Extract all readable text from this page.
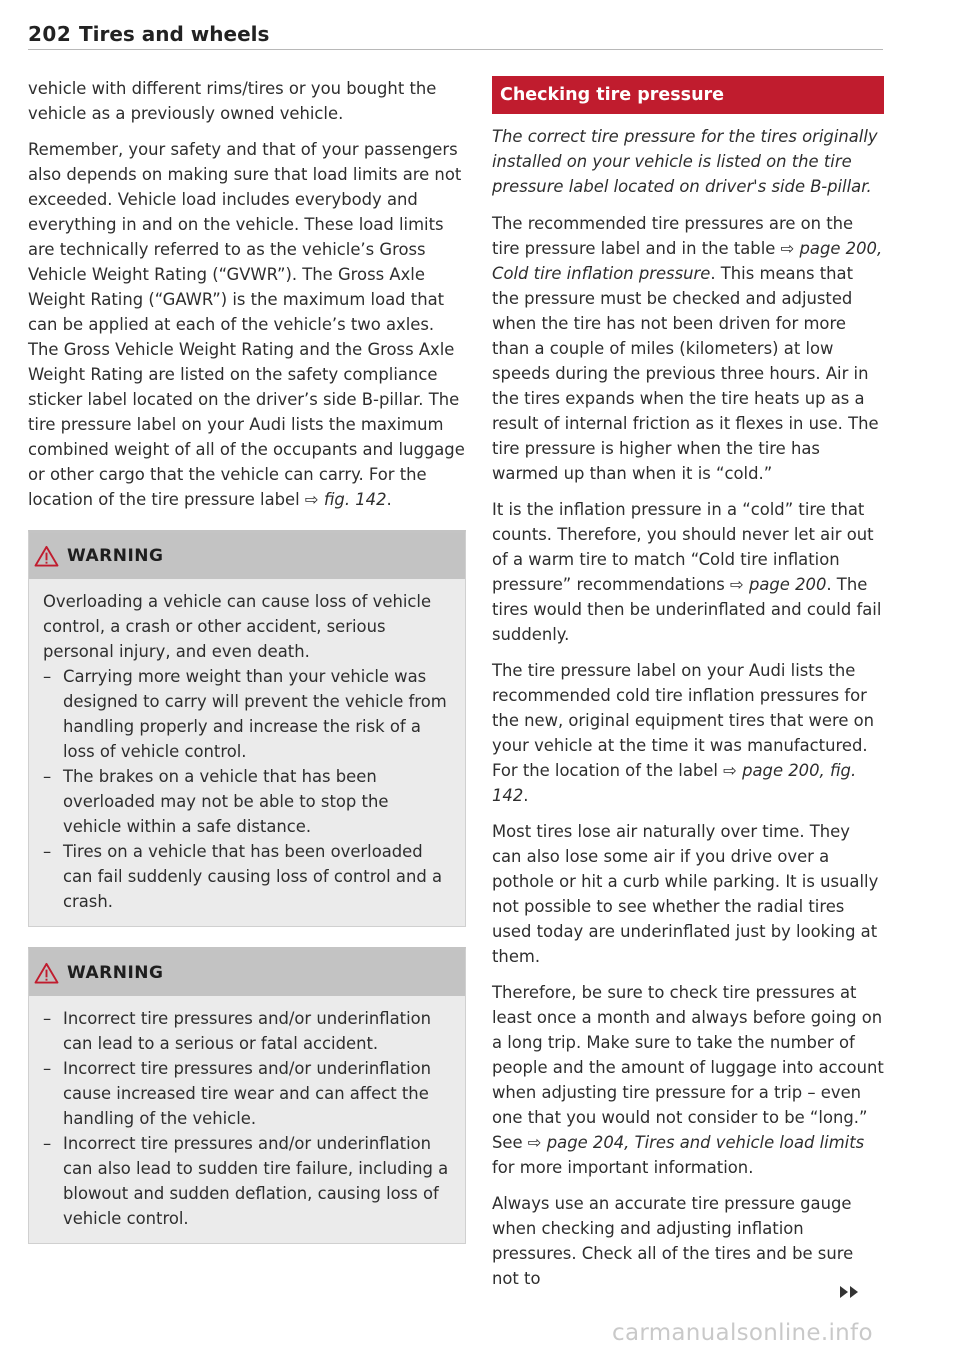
202 Tires and wheels

vehicle with different rims/tires or you bought the vehicle as a previously owned vehicle.

Remember, your safety and that of your passengers also depends on making sure that load limits are not exceeded. Vehicle load includes everybody and everything in and on the vehicle. These load limits are technically referred to as the vehicle’s Gross Vehicle Weight Rating (“GVWR”). The Gross Axle Weight Rating (“GAWR”) is the maximum load that can be applied at each of the vehicle’s two axles. The Gross Vehicle Weight Rating and the Gross Axle Weight Rating are listed on the safety compliance sticker label located on the driver’s side B-pillar. The tire pressure label on your Audi lists the maximum combined weight of all of the occupants and luggage or other cargo that the vehicle can carry. For the location of the tire pressure label ⇨ fig. 142.

WARNING

Overloading a vehicle can cause loss of vehicle control, a crash or other accident, serious personal injury, and even death.

– Carrying more weight than your vehicle was designed to carry will prevent the vehicle from handling properly and increase the risk of a loss of vehicle control.
– The brakes on a vehicle that has been overloaded may not be able to stop the vehicle within a safe distance.
– Tires on a vehicle that has been overloaded can fail suddenly causing loss of control and a crash.
WARNING
– Incorrect tire pressures and/or underinflation can lead to a serious or fatal accident.
– Incorrect tire pressures and/or underinflation cause increased tire wear and can affect the handling of the vehicle.
– Incorrect tire pressures and/or underinflation can also lead to sudden tire failure, including a blowout and sudden deflation, causing loss of vehicle control.
Checking tire pressure

The correct tire pressure for the tires originally installed on your vehicle is listed on the tire pressure label located on driver's side B-pillar.

The recommended tire pressures are on the tire pressure label and in the table ⇨ page 200, Cold tire inflation pressure. This means that the pressure must be checked and adjusted when the tire has not been driven for more than a couple of miles (kilometers) at low speeds during the previous three hours. Air in the tires expands when the tire heats up as a result of internal friction as it flexes in use. The tire pressure is higher when the tire has warmed up than when it is “cold.”

It is the inflation pressure in a “cold” tire that counts. Therefore, you should never let air out of a warm tire to match “Cold tire inflation pressure” recommendations ⇨ page 200. The tires would then be underinflated and could fail suddenly.

The tire pressure label on your Audi lists the recommended cold tire inflation pressures for the new, original equipment tires that were on your vehicle at the time it was manufactured. For the location of the label ⇨ page 200, fig. 142.

Most tires lose air naturally over time. They can also lose some air if you drive over a pothole or hit a curb while parking. It is usually not possible to see whether the radial tires used today are underinflated just by looking at them.

Therefore, be sure to check tire pressures at least once a month and always before going on a long trip. Make sure to take the number of people and the amount of luggage into account when adjusting tire pressure for a trip – even one that you would not consider to be “long.” See ⇨ page 204, Tires and vehicle load limits for more important information.

Always use an accurate tire pressure gauge when checking and adjusting inflation pressures. Check all of the tires and be sure not to

carmanualsonline.info
